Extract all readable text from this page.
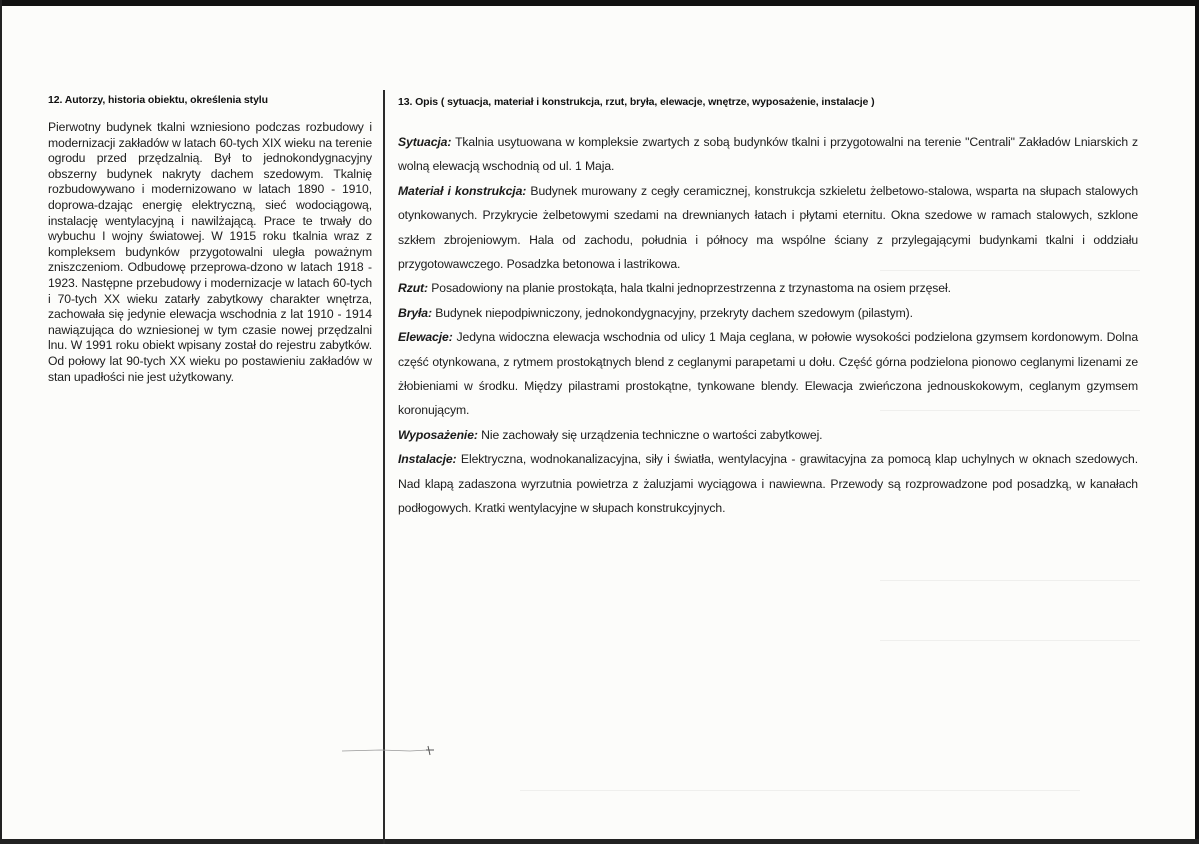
12. Autorzy, historia obiektu, określenia stylu

Pierwotny budynek tkalni wzniesiono podczas rozbudowy i modernizacji zakładów w latach 60-tych XIX wieku na terenie ogrodu przed przędzalnią. Był to jednokondygnacyjny obszerny budynek nakryty dachem szedowym. Tkalnię rozbudowywano i modernizowano w latach 1890 - 1910, doprowa-dzając energię elektryczną, sieć wodociągową, instalację wentylacyjną i nawilżającą. Prace te trwały do wybuchu I wojny światowej. W 1915 roku tkalnia wraz z kompleksem budynków przygotowalni uległa poważnym zniszczeniom. Odbudowę przeprowa-dzono w latach 1918 - 1923. Następne przebudowy i modernizacje w latach 60-tych i 70-tych XX wieku zatarły zabytkowy charakter wnętrza, zachowała się jedynie elewacja wschodnia z lat 1910 - 1914 nawiązująca do wzniesionej w tym czasie nowej przędzalni lnu. W 1991 roku obiekt wpisany został do rejestru zabytków. Od połowy lat 90-tych XX wieku po postawieniu zakładów w stan upadłości nie jest użytkowany.

13. Opis ( sytuacja, materiał i konstrukcja, rzut, bryła, elewacje, wnętrze, wyposażenie, instalacje )

Sytuacja: Tkalnia usytuowana w kompleksie zwartych z sobą budynków tkalni i przygotowalni na terenie "Centrali" Zakładów Lniarskich z wolną elewacją wschodnią od ul. 1 Maja.

Materiał i konstrukcja: Budynek murowany z cegły ceramicznej, konstrukcja szkieletu żelbetowo-stalowa, wsparta na słupach stalowych otynkowanych. Przykrycie żelbetowymi szedami na drewnianych łatach i płytami eternitu. Okna szedowe w ramach stalowych, szklone szkłem zbrojeniowym. Hala od zachodu, południa i północy ma wspólne ściany z przylegającymi budynkami tkalni i oddziału przygotowawczego. Posadzka betonowa i lastrikowa.

Rzut: Posadowiony na planie prostokąta, hala tkalni jednoprzestrzenna z trzynastoma na osiem przęseł.

Bryła: Budynek niepodpiwniczony, jednokondygnacyjny, przekryty dachem szedowym (pilastym).

Elewacje: Jedyna widoczna elewacja wschodnia od ulicy 1 Maja ceglana, w połowie wysokości podzielona gzymsem kordonowym. Dolna część otynkowana, z rytmem prostokątnych blend z ceglanymi parapetami u dołu. Część górna podzielona pionowo ceglanymi lizenami ze żłobieniami w środku. Między pilastrami prostokątne, tynkowane blendy. Elewacja zwieńczona jednouskokowym, ceglanym gzymsem koronującym.

Wyposażenie: Nie zachowały się urządzenia techniczne o wartości zabytkowej.

Instalacje: Elektryczna, wodnokanalizacyjna, siły i światła, wentylacyjna - grawitacyjna za pomocą klap uchylnych w oknach szedowych. Nad klapą zadaszona wyrzutnia powietrza z żaluzjami wyciągowa i nawiewna. Przewody są rozprowadzone pod posadzką, w kanałach podłogowych. Kratki wentylacyjne w słupach konstrukcyjnych.
